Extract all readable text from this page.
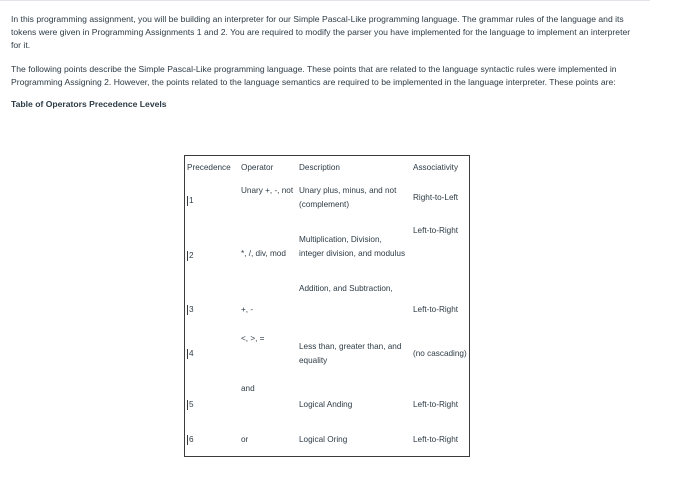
In this programming assignment, you will be building an interpreter for our Simple Pascal-Like programming language. The grammar rules of the language and its tokens were given in Programming Assignments 1 and 2. You are required to modify the parser you have implemented for the language to implement an interpreter for it.

The following points describe the Simple Pascal-Like programming language. These points that are related to the language syntactic rules were implemented in Programming Assigning 2. However, the points related to the language semantics are required to be implemented in the language interpreter. These points are:

Table of Operators Precedence Levels
Precedence	Operator	Description	Associativity
1	Unary +, -, not	Unary plus, minus, and not (complement)	Right-to-Left
2	*, /, div, mod	Multiplication, Division, integer division, and modulus	Left-to-Right
3	+, -	Addition, and Subtraction,	Left-to-Right
4	<, >, =	Less than, greater than, and equality	(no cascading)
5	and	Logical Anding	Left-to-Right
6	or	Logical Oring	Left-to-Right
